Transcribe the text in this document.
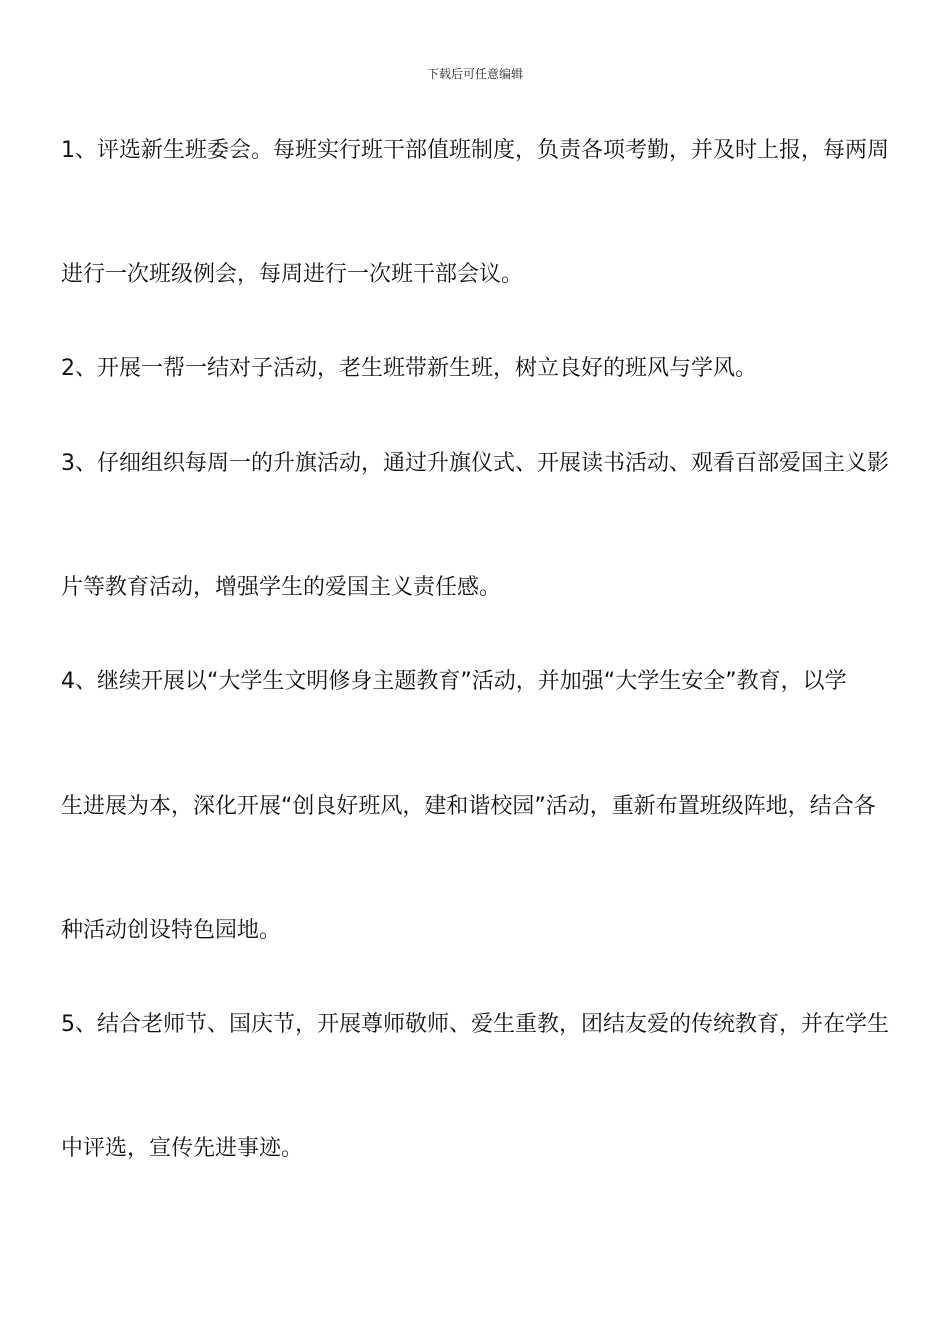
下载后可任意编辑
1、评选新生班委会。每班实行班干部值班制度，负责各项考勤，并及时上报，每两周
进行一次班级例会，每周进行一次班干部会议。
2、开展一帮一结对子活动，老生班带新生班，树立良好的班风与学风。
3、仔细组织每周一的升旗活动，通过升旗仪式、开展读书活动、观看百部爱国主义影
片等教育活动，增强学生的爱国主义责任感。
4、继续开展以“大学生文明修身主题教育”活动，并加强“大学生安全”教育，以学
生进展为本，深化开展“创良好班风，建和谐校园”活动，重新布置班级阵地，结合各
种活动创设特色园地。
5、结合老师节、国庆节，开展尊师敬师、爱生重教，团结友爱的传统教育，并在学生
中评选，宣传先进事迹。
